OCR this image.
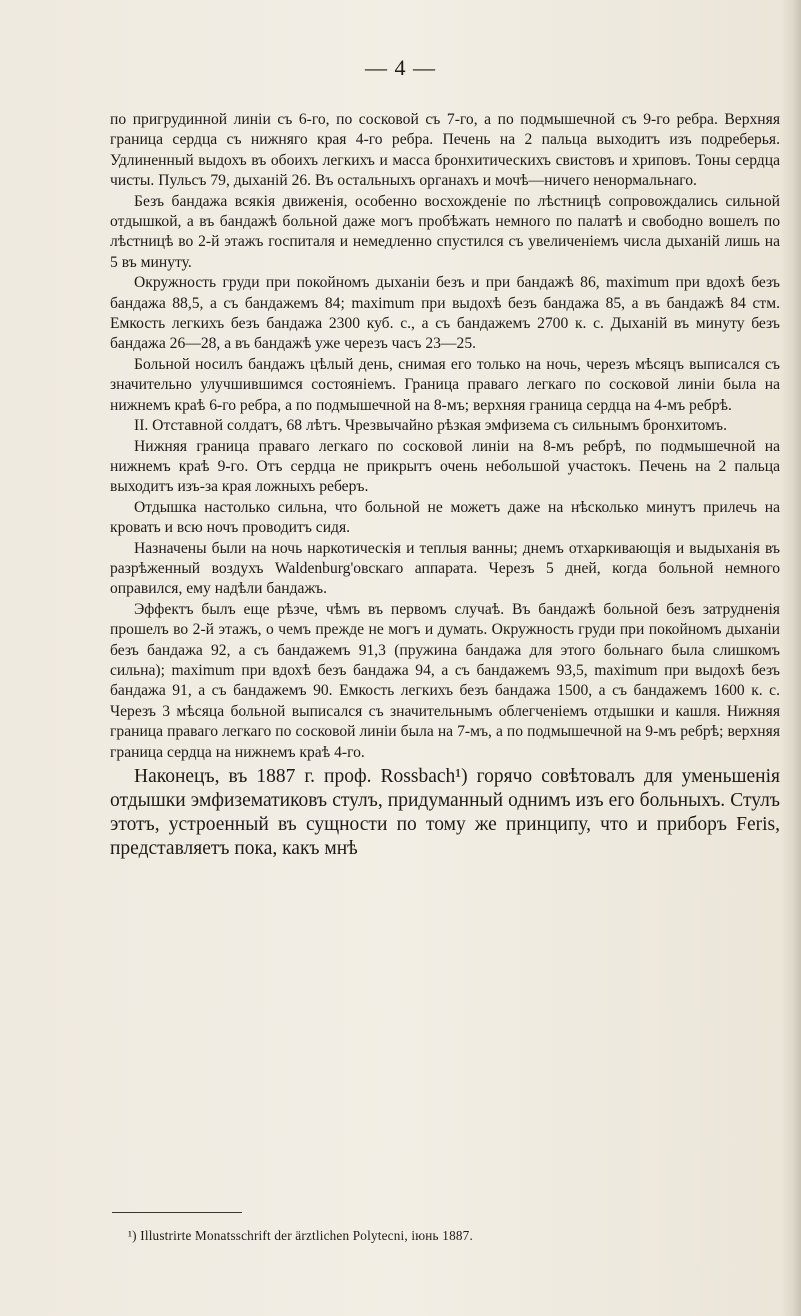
— 4 —

по пригрудинной линiи съ 6-го, по сосковой съ 7-го, а по подмышечной съ 9-го ребра. Верхняя граница сердца съ нижняго края 4-го ребра. Печень на 2 пальца выходитъ изъ подреберья. Удлиненный выдохъ въ обоихъ легкихъ и масса бронхитическихъ свистовъ и хриповъ. Тоны сердца чисты. Пульсъ 79, дыханiй 26. Въ остальныхъ органахъ и мочѣ—ничего ненормальнаго.

Безъ бандажа всякiя движенiя, особенно восхожденiе по лѣстницѣ сопровождались сильной отдышкой, а въ бандажѣ больной даже могъ пробѣжать немного по палатѣ и свободно вошелъ по лѣстницѣ во 2-й этажъ госпиталя и немедленно спустился съ увеличенiемъ числа дыханiй лишь на 5 въ минуту.

Окружность груди при покойномъ дыханiи безъ и при бандажѣ 86, maximum при вдохѣ безъ бандажа 88,5, а съ бандажемъ 84; maximum при выдохѣ безъ бандажа 85, а въ бандажѣ 84 стм. Емкость легкихъ безъ бандажа 2300 куб. с., а съ бандажемъ 2700 к. с. Дыханiй въ минуту безъ бандажа 26—28, а въ бандажѣ уже черезъ часъ 23—25.

Больной носилъ бандажъ цѣлый день, снимая его только на ночь, черезъ мѣсяцъ выписался съ значительно улучшившимся состоянiемъ. Граница праваго легкаго по сосковой линiи была на нижнемъ краѣ 6-го ребра, а по подмышечной на 8-мъ; верхняя граница сердца на 4-мъ ребрѣ.

II. Отставной солдатъ, 68 лѣтъ. Чрезвычайно рѣзкая эмфизема съ сильнымъ бронхитомъ.

Нижняя граница праваго легкаго по сосковой линiи на 8-мъ ребрѣ, по подмышечной на нижнемъ краѣ 9-го. Отъ сердца не прикрытъ очень небольшой участокъ. Печень на 2 пальца выходитъ изъ-за края ложныхъ реберъ.

Отдышка настолько сильна, что больной не можетъ даже на нѣсколько минутъ прилечь на кровать и всю ночъ проводитъ сидя.

Назначены были на ночь наркотическiя и теплыя ванны; днемъ отхаркивающiя и выдыханiя въ разрѣженный воздухъ Waldenburg'овскаго аппарата. Черезъ 5 дней, когда больной немного оправился, ему надѣли бандажъ.

Эффектъ былъ еще рѣзче, чѣмъ въ первомъ случаѣ. Въ бандажѣ больной безъ затрудненiя прошелъ во 2-й этажъ, о чемъ прежде не могъ и думать. Окружность груди при покойномъ дыханiи безъ бандажа 92, а съ бандажемъ 91,3 (пружина бандажа для этого больнаго была слишкомъ сильна); maximum при вдохѣ безъ бандажа 94, а съ бандажемъ 93,5, maximum при выдохѣ безъ бандажа 91, а съ бандажемъ 90. Емкость легкихъ безъ бандажа 1500, а съ бандажемъ 1600 к. с. Черезъ 3 мѣсяца больной выписался съ значительнымъ облегченiемъ отдышки и кашля. Нижняя граница праваго легкаго по сосковой линiи была на 7-мъ, а по подмышечной на 9-мъ ребрѣ; верхняя граница сердца на нижнемъ краѣ 4-го.

Наконецъ, въ 1887 г. проф. Rossbach¹) горячо совѣтовалъ для уменьшенiя отдышки эмфизематиковъ стулъ, придуманный однимъ изъ его больныхъ. Стулъ этотъ, устроенный въ сущности по тому же принципу, что и приборъ Feris, представляетъ пока, какъ мнѣ

¹) Illustrirte Monatsschrift der ärztlichen Polytecnі, iюнь 1887.
